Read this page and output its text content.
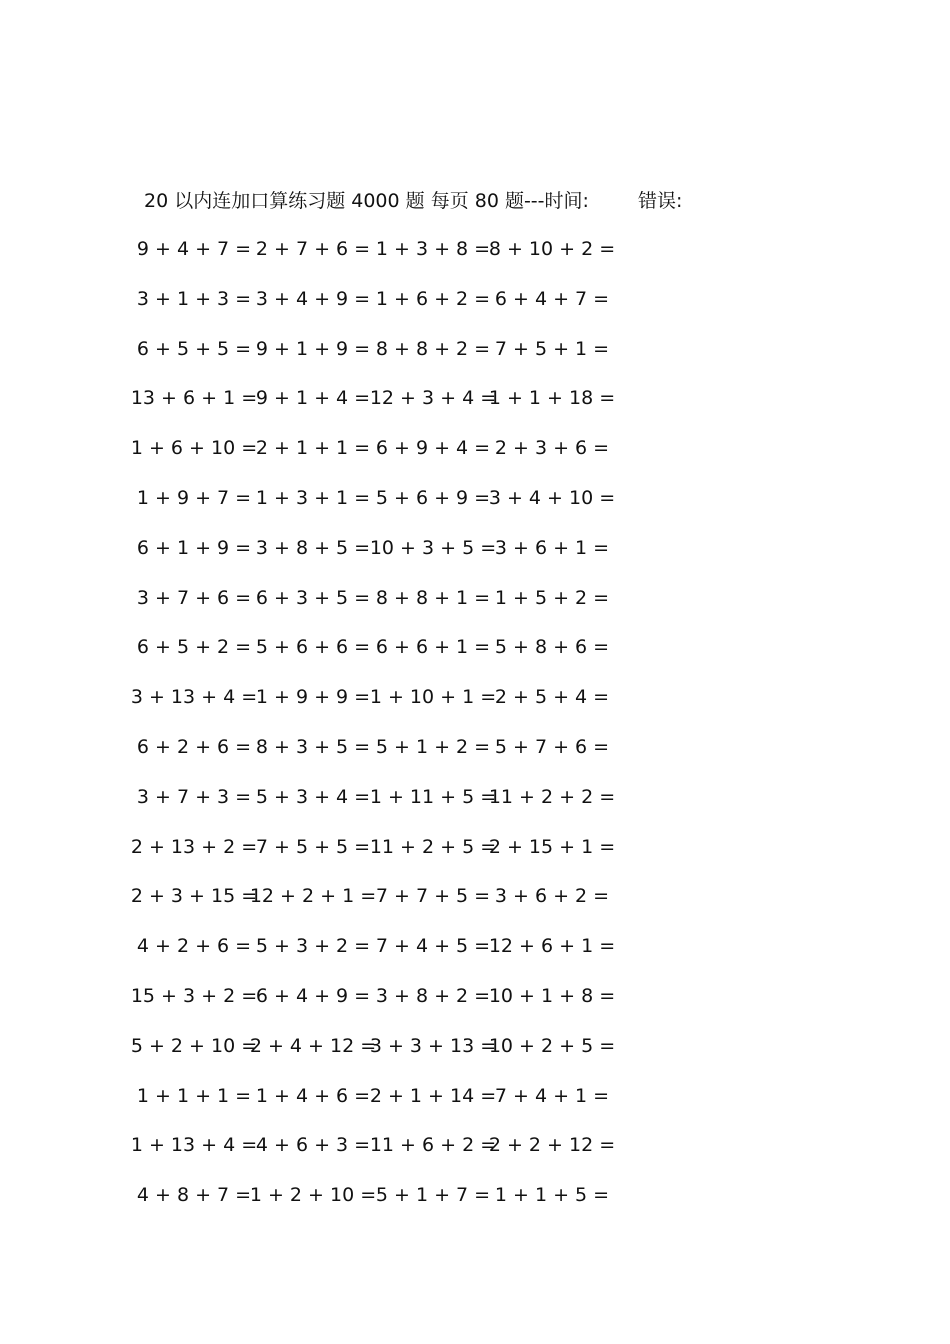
20 以内连加口算练习题 4000 题 每页 80 题---时间:	错误:
9 + 4 + 7 = 2 + 7 + 6 = 1 + 3 + 8 =
8 + 10 + 2 =
3 + 1 + 3 = 3 + 4 + 9 = 1 + 6 + 2 = 6 + 4 + 7 =
6 + 5 + 5 = 9 + 1 + 9 = 8 + 8 + 2 = 7 + 5 + 1 =
13 + 6 + 1 =
9 + 1 + 4 = 12 + 3 + 4 =
1 + 1 + 18 =
1 + 6 + 10 =
2 + 1 + 1 = 6 + 9 + 4 = 2 + 3 + 6 =
1 + 9 + 7 = 1 + 3 + 1 = 5 + 6 + 9 =
3 + 4 + 10 =
6 + 1 + 9 = 3 + 8 + 5 = 10 + 3 + 5 =
3 + 6 + 1 =
3 + 7 + 6 = 6 + 3 + 5 = 8 + 8 + 1 = 1 + 5 + 2 =
6 + 5 + 2 = 5 + 6 + 6 = 6 + 6 + 1 = 5 + 8 + 6 =
3 + 13 + 4 =
1 + 9 + 9 = 1 + 10 + 1 =
2 + 5 + 4 =
6 + 2 + 6 = 8 + 3 + 5 = 5 + 1 + 2 = 5 + 7 + 6 =
3 + 7 + 3 = 5 + 3 + 4 = 1 + 11 + 5 =
11 + 2 + 2 =
2 + 13 + 2 =
7 + 5 + 5 = 11 + 2 + 5 =
2 + 15 + 1 =
2 + 3 + 15 =
12 + 2 + 1 = 7 + 7 + 5 = 3 + 6 + 2 =
4 + 2 + 6 = 5 + 3 + 2 = 7 + 4 + 5 =
12 + 6 + 1 =
15 + 3 + 2 =
6 + 4 + 9 = 3 + 8 + 2 =
10 + 1 + 8 =
5 + 2 + 10 =
2 + 4 + 12 =
3 + 3 + 13 =
10 + 2 + 5 =
1 + 1 + 1 = 1 + 4 + 6 = 2 + 1 + 14 =
7 + 4 + 1 =
1 + 13 + 4 =
4 + 6 + 3 = 11 + 6 + 2 =
2 + 2 + 12 =
4 + 8 + 7 =
1 + 2 + 10 = 5 + 1 + 7 = 1 + 1 + 5 =
